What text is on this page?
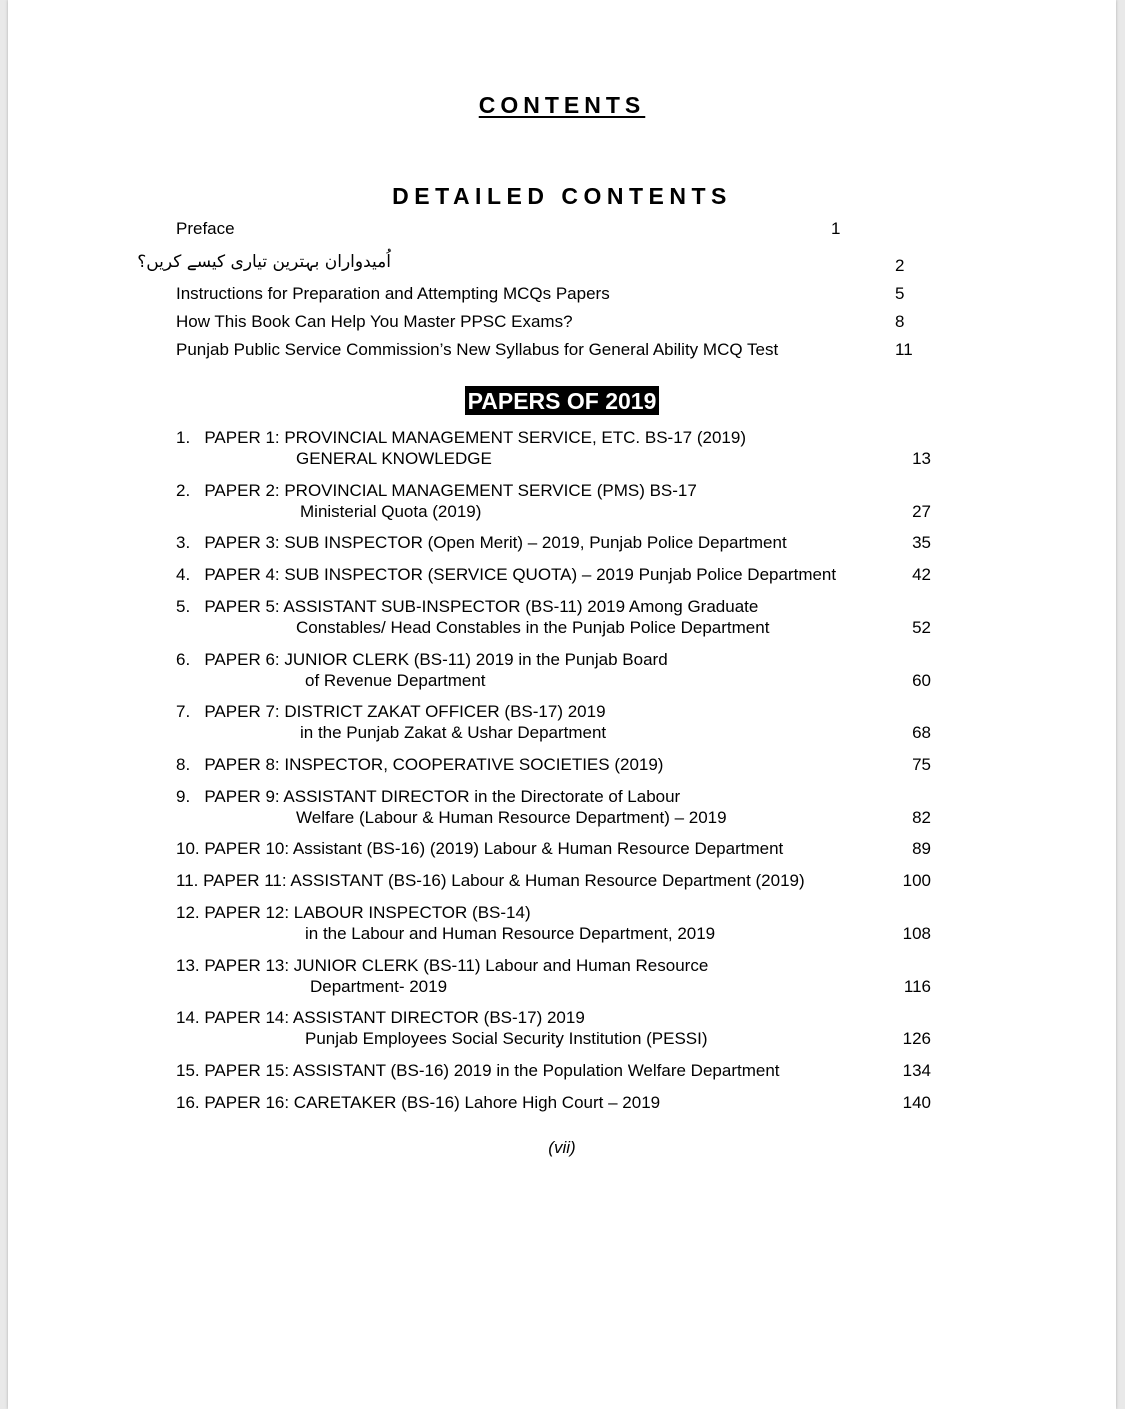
CONTENTS
DETAILED CONTENTS
Preface	1
اُمیدواران بہترین تیاری کیسے کریں؟	2
Instructions for Preparation and Attempting MCQs Papers	5
How This Book Can Help You Master PPSC Exams?	8
Punjab Public Service Commission’s New Syllabus for General Ability MCQ Test	11
PAPERS OF 2019
1.   PAPER 1: PROVINCIAL MANAGEMENT SERVICE, ETC. BS-17 (2019)
GENERAL KNOWLEDGE	13
2.   PAPER 2: PROVINCIAL MANAGEMENT SERVICE (PMS) BS-17
Ministerial Quota (2019)	27
3.   PAPER 3: SUB INSPECTOR (Open Merit) – 2019, Punjab Police Department	35
4.   PAPER 4: SUB INSPECTOR (SERVICE QUOTA) – 2019 Punjab Police Department	42
5.   PAPER 5: ASSISTANT SUB-INSPECTOR (BS-11) 2019 Among Graduate
Constables/ Head Constables in the Punjab Police Department	52
6.   PAPER 6: JUNIOR CLERK (BS-11) 2019 in the Punjab Board
of Revenue Department	60
7.   PAPER 7: DISTRICT ZAKAT OFFICER (BS-17) 2019
in the Punjab Zakat & Ushar Department	68
8.   PAPER 8: INSPECTOR, COOPERATIVE SOCIETIES (2019)	75
9.   PAPER 9: ASSISTANT DIRECTOR in the Directorate of Labour
Welfare (Labour & Human Resource Department) – 2019	82
10. PAPER 10: Assistant (BS-16) (2019) Labour & Human Resource Department	89
11. PAPER 11: ASSISTANT (BS-16) Labour & Human Resource Department (2019)	100
12. PAPER 12: LABOUR INSPECTOR (BS-14)
in the Labour and Human Resource Department, 2019	108
13. PAPER 13: JUNIOR CLERK (BS-11) Labour and Human Resource
Department- 2019	116
14. PAPER 14: ASSISTANT DIRECTOR (BS-17) 2019
Punjab Employees Social Security Institution (PESSI)	126
15. PAPER 15: ASSISTANT (BS-16) 2019 in the Population Welfare Department	134
16. PAPER 16: CARETAKER (BS-16) Lahore High Court – 2019	140
(vii)
